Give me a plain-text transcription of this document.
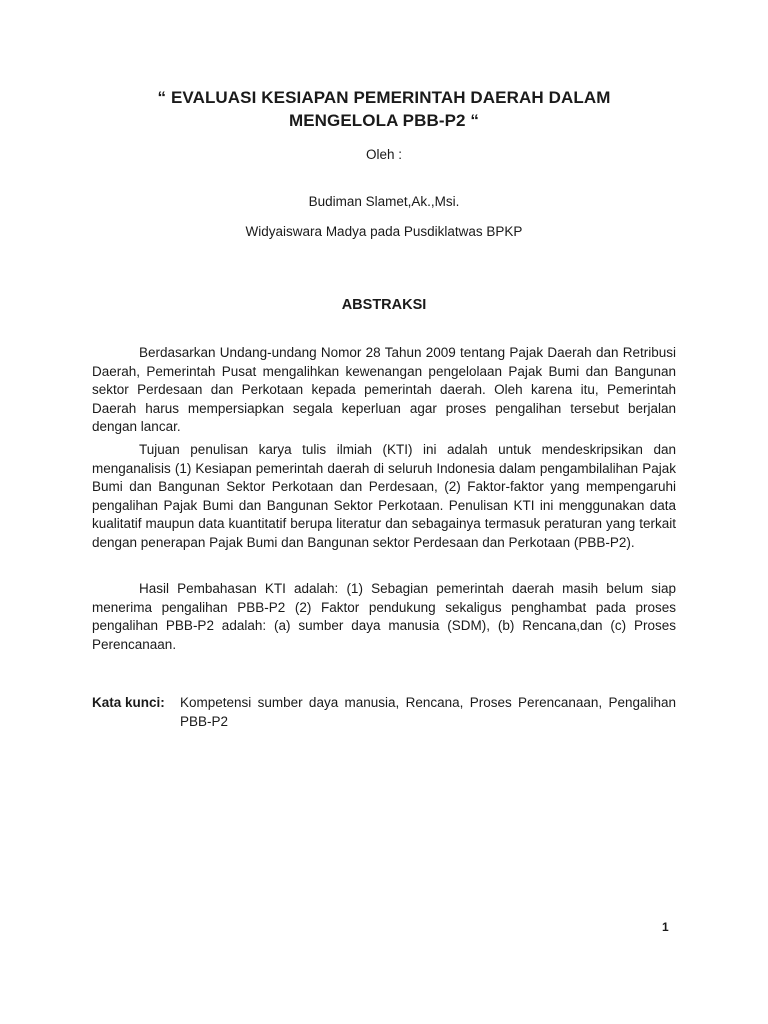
“ EVALUASI KESIAPAN PEMERINTAH DAERAH DALAM
MENGELOLA PBB-P2 “
Oleh :
Budiman Slamet,Ak.,Msi.
Widyaiswara Madya pada Pusdiklatwas BPKP
ABSTRAKSI

Berdasarkan Undang-undang Nomor 28 Tahun 2009 tentang Pajak Daerah dan Retribusi Daerah, Pemerintah Pusat mengalihkan kewenangan pengelolaan Pajak Bumi dan Bangunan sektor Perdesaan dan Perkotaan kepada pemerintah daerah. Oleh karena itu, Pemerintah Daerah harus mempersiapkan segala keperluan agar proses pengalihan tersebut berjalan dengan lancar.

Tujuan penulisan karya tulis ilmiah (KTI) ini adalah untuk mendeskripsikan dan menganalisis (1) Kesiapan pemerintah daerah di seluruh Indonesia dalam pengambilalihan Pajak Bumi dan Bangunan Sektor Perkotaan dan Perdesaan, (2) Faktor-faktor yang mempengaruhi pengalihan Pajak Bumi dan Bangunan Sektor Perkotaan. Penulisan KTI ini menggunakan data kualitatif maupun data kuantitatif berupa literatur dan sebagainya termasuk peraturan yang terkait dengan penerapan Pajak Bumi dan Bangunan sektor Perdesaan dan Perkotaan (PBB-P2).

Hasil Pembahasan KTI adalah: (1) Sebagian pemerintah daerah masih belum siap menerima pengalihan PBB-P2 (2) Faktor pendukung sekaligus penghambat pada proses pengalihan PBB-P2 adalah: (a) sumber daya manusia (SDM), (b) Rencana,dan (c) Proses Perencanaan.

Kata kunci:	Kompetensi sumber daya manusia, Rencana, Proses Perencanaan, Pengalihan PBB-P2
1
